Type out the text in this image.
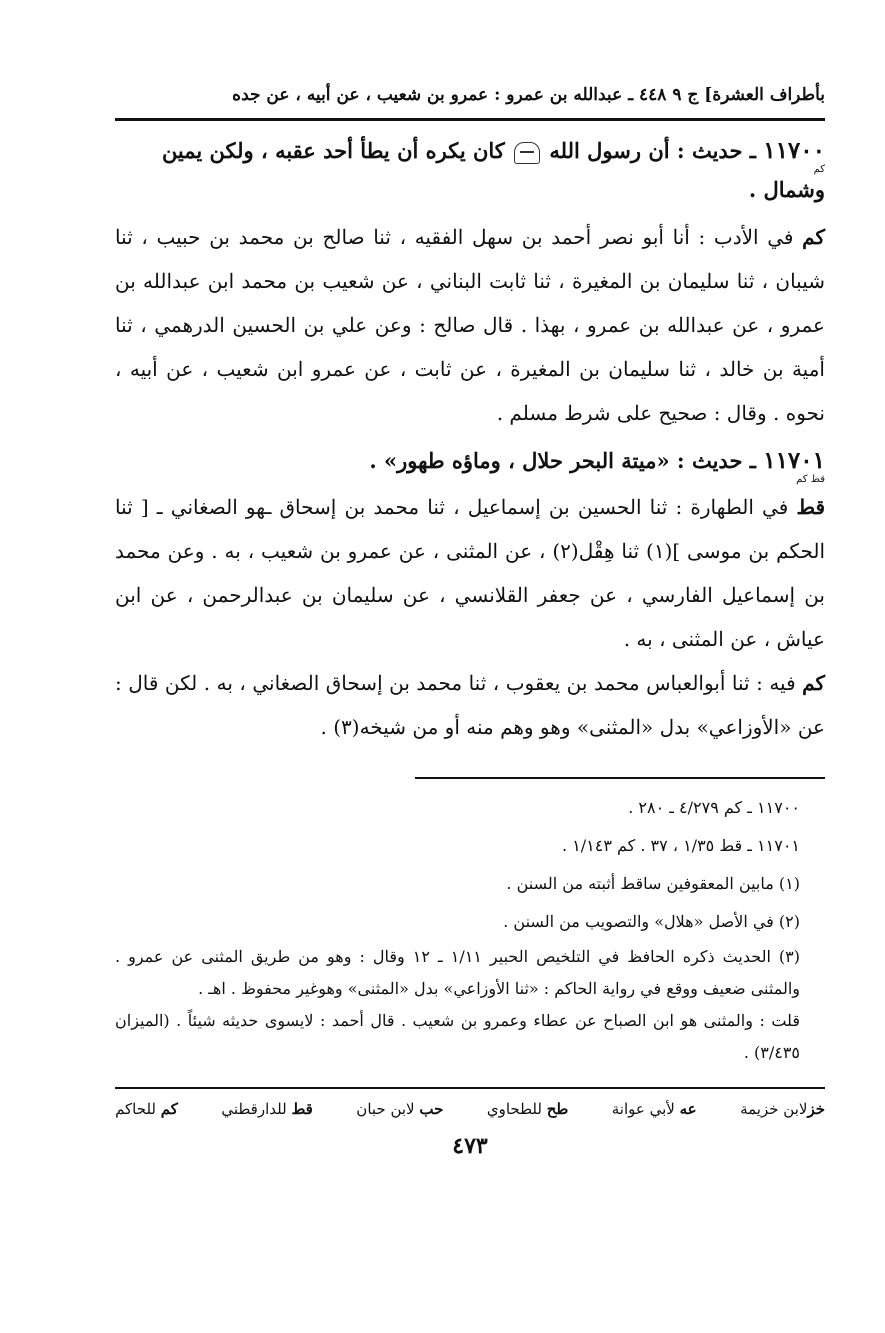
بأطراف العشرة] ج ٩ ٤٤٨ ـ عبدالله بن عمرو : عمرو بن شعيب ، عن أبيه ، عن جده

١١٧٠٠ ـ حديث : أن رسول الله  كان يكره أن يطأ أحد عقبه ، ولكن يمين

كم

وشمال .

كم في الأدب : أنا أبو نصر أحمد بن سهل الفقيه ، ثنا صالح بن محمد بن حبيب ، ثنا شيبان ، ثنا سليمان بن المغيرة ، ثنا ثابت البناني ، عن شعيب بن محمد ابن عبدالله بن عمرو ، عن عبدالله بن عمرو ، بهذا . قال صالح : وعن علي بن الحسين الدرهمي ، ثنا أمية بن خالد ، ثنا سليمان بن المغيرة ، عن ثابت ، عن عمرو ابن شعيب ، عن أبيه ، نحوه . وقال : صحيح على شرط مسلم .

١١٧٠١ ـ حديث : «ميتة البحر حلال ، وماؤه طهور» .

قط كم

قط في الطهارة : ثنا الحسين بن إسماعيل ، ثنا محمد بن إسحاق ـهو الصغاني ـ [ ثنا الحكم بن موسى ](١) ثنا هِقْل(٢) ، عن المثنى ، عن عمرو بن شعيب ، به . وعن محمد بن إسماعيل الفارسي ، عن جعفر القلانسي ، عن سليمان بن عبدالرحمن ، عن ابن عياش ، عن المثنى ، به .

كم فيه : ثنا أبوالعباس محمد بن يعقوب ، ثنا محمد بن إسحاق الصغاني ، به . لكن قال : عن «الأوزاعي» بدل «المثنى» وهو وهم منه أو من شيخه(٣) .

١١٧٠٠ ـ كم ٤/٢٧٩ ـ ٢٨٠ .

١١٧٠١ ـ قط ١/٣٥ ، ٣٧ . كم ١/١٤٣ .

(١) مابين المعقوفين ساقط أثبته من السنن .

(٢) في الأصل «هلال» والتصويب من السنن .

(٣) الحديث ذكره الحافظ في التلخيص الحبير ١/١١ ـ ١٢ وقال : وهو من طريق المثنى عن عمرو . والمثنى ضعيف ووقع في رواية الحاكم : «ثنا الأوزاعي» بدل «المثنى» وهوغير محفوظ . اهـ .

قلت : والمثنى هو ابن الصباح عن عطاء وعمرو بن شعيب . قال أحمد : لايسوى حديثه شيئاً . (الميزان ٣/٤٣٥) .

خزلابن خزيمة
عه لأبي عوانة
طح للطحاوي
حب لابن حبان
قط للدارقطني
كم للحاكم
٤٧٣
